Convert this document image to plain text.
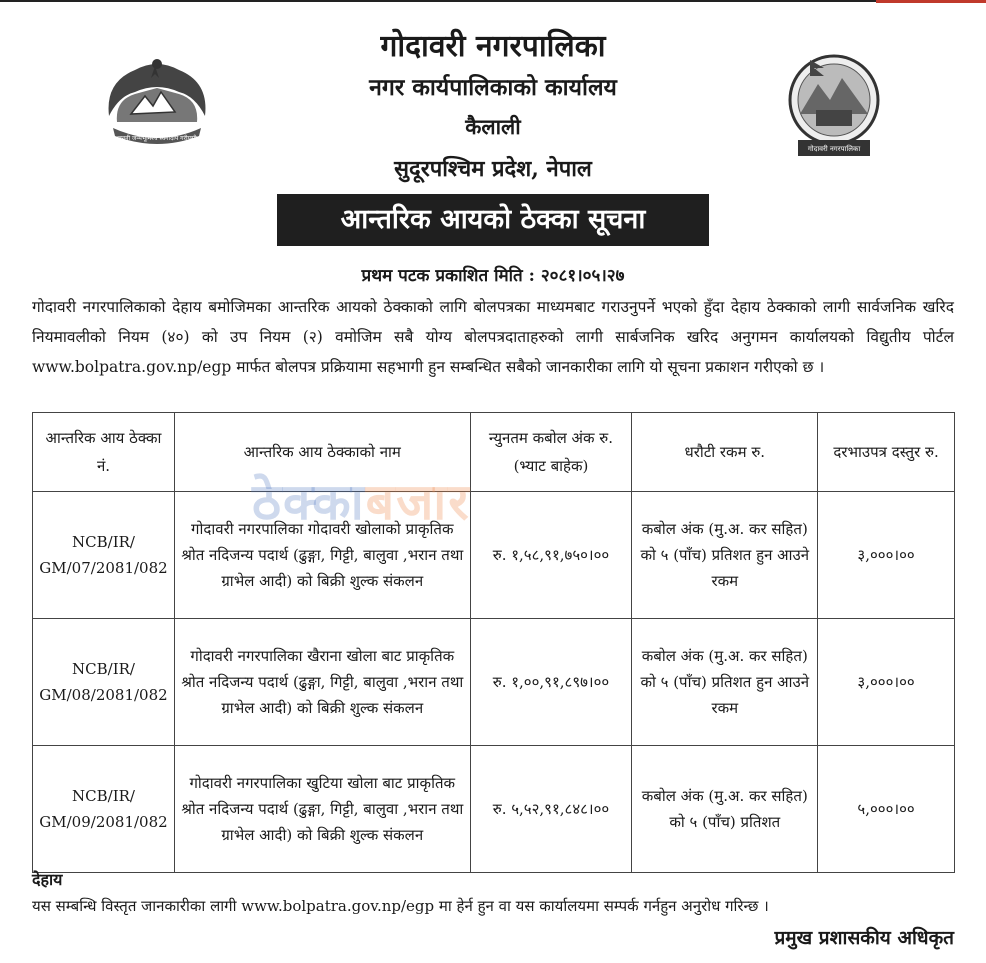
जननी जन्मभूमिश्च स्वर्गादपि गरीयसी
गोदावरी नगरपालिका
गोदावरी नगरपालिका
नगर कार्यपालिकाको कार्यालय
कैलाली
सुदूरपश्चिम प्रदेश, नेपाल
आन्तरिक आयको ठेक्का सूचना
प्रथम पटक प्रकाशित मिति : २०८१।०५।२७
गोदावरी नगरपालिकाको देहाय बमोजिमका आन्तरिक आयको ठेक्काको लागि बोलपत्रका माध्यमबाट गराउनुपर्ने भएको हुँदा देहाय ठेक्काको लागी सार्वजनिक खरिद नियमावलीको नियम (४०) को उप नियम (२) वमोजिम सबै योग्य बोलपत्रदाताहरुको लागी सार्बजनिक खरिद अनुगमन कार्यालयको विद्युतीय पोर्टल www.bolpatra.gov.np/egp मार्फत बोलपत्र प्रक्रियामा सहभागी हुन सम्बन्धित सबैको जानकारीका लागि यो सूचना प्रकाशन गरीएको छ ।
आन्तरिक आय ठेक्का नं.	आन्तरिक आय ठेक्काको नाम	न्युनतम कबोल अंक रु. (भ्याट बाहेक)	धरौटी रकम रु.	दरभाउपत्र दस्तुर रु.
NCB/IR/ GM/07/2081/082	गोदावरी नगरपालिका गोदावरी खोलाको प्राकृतिक श्रोत नदिजन्य पदार्थ (ढुङ्गा, गिट्टी, बालुवा ,भरान तथा ग्राभेल आदी) को बिक्री शुल्क संकलन	रु. १,५८,९१,७५०।००	कबोल अंक (मु.अ. कर सहित) को ५ (पाँच) प्रतिशत हुन आउने रकम	३,०००।००
NCB/IR/ GM/08/2081/082	गोदावरी नगरपालिका खैराना खोला बाट प्राकृतिक श्रोत नदिजन्य पदार्थ (ढुङ्गा, गिट्टी, बालुवा ,भरान तथा ग्राभेल आदी) को बिक्री शुल्क संकलन	रु. १,००,९१,८९७।००	कबोल अंक (मु.अ. कर सहित) को ५ (पाँच) प्रतिशत हुन आउने रकम	३,०००।००
NCB/IR/ GM/09/2081/082	गोदावरी नगरपालिका खुटिया खोला बाट प्राकृतिक श्रोत नदिजन्य पदार्थ (ढुङ्गा, गिट्टी, बालुवा ,भरान तथा ग्राभेल आदी) को बिक्री शुल्क संकलन	रु. ५,५२,९१,८४८।००	कबोल अंक (मु.अ. कर सहित) को ५ (पाँच) प्रतिशत	५,०००।००
ठेक्काबजार
देहाय
यस सम्बन्धि विस्तृत जानकारीका लागी www.bolpatra.gov.np/egp मा हेर्न हुन वा यस कार्यालयमा सम्पर्क गर्नहुन अनुरोध गरिन्छ ।
प्रमुख प्रशासकीय अधिकृत
